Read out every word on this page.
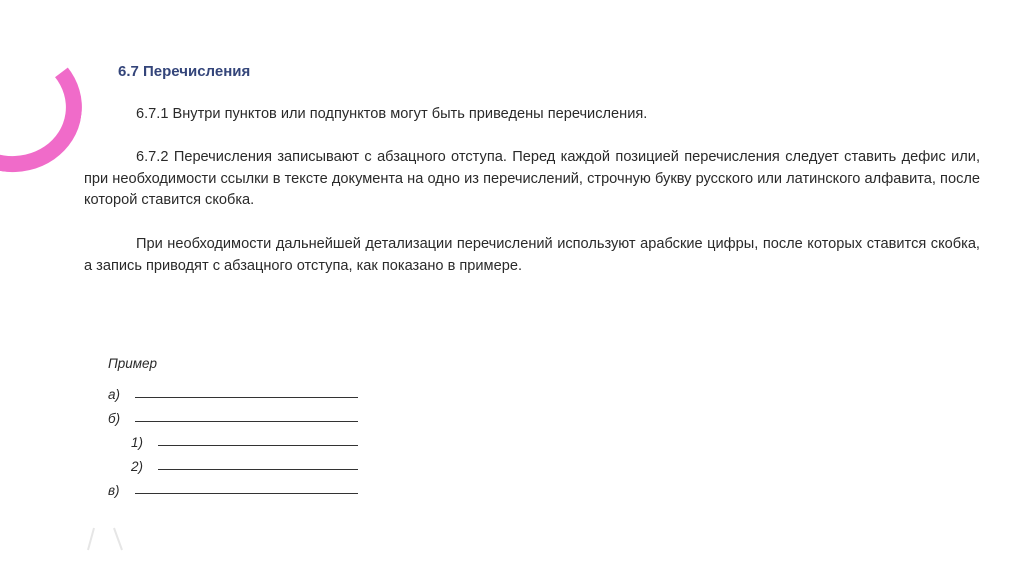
6.7 Перечисления

6.7.1 Внутри пунктов или подпунктов могут быть приведены перечисления.

6.7.2 Перечисления записывают с абзацного отступа. Перед каждой позицией перечисления следует ставить дефис или, при необходимости ссылки в тексте документа на одно из перечислений, строчную букву русского или латинского алфавита, после которой ставится скобка.

При необходимости дальнейшей детализации перечислений используют арабские цифры, после которых ставится скобка, а запись приводят с абзацного отступа, как показано в примере.

Пример
а)
б)
1)
2)
в)
